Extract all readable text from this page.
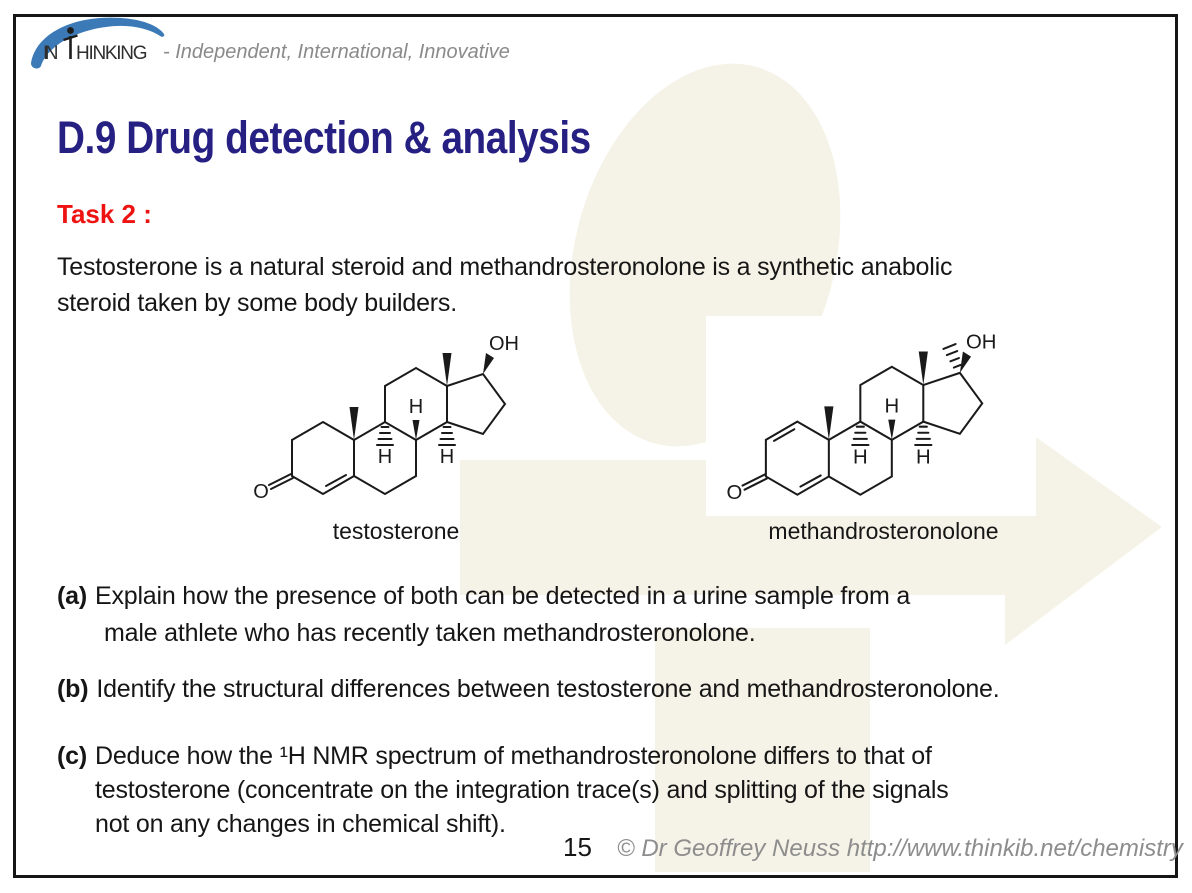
IN HINKING - Independent, International, Innovative
D.9 Drug detection & analysis
Task 2 :
Testosterone is a natural steroid and methandrosteronolone is a synthetic anabolic
steroid taken by some body builders.
O
OH
H
H H
testosterone
O
OH
H
H H
methandrosteronolone
(a) Explain how the presence of both can be detected in a urine sample from a
male athlete who has recently taken methandrosteronolone.
(b) Identify the structural differences between testosterone and methandrosteronolone.
(c) Deduce how the ¹H NMR spectrum of methandrosteronolone differs to that of
testosterone (concentrate on the integration trace(s) and splitting of the signals
not on any changes in chemical shift).
15 © Dr Geoffrey Neuss http://www.thinkib.net/chemistry
